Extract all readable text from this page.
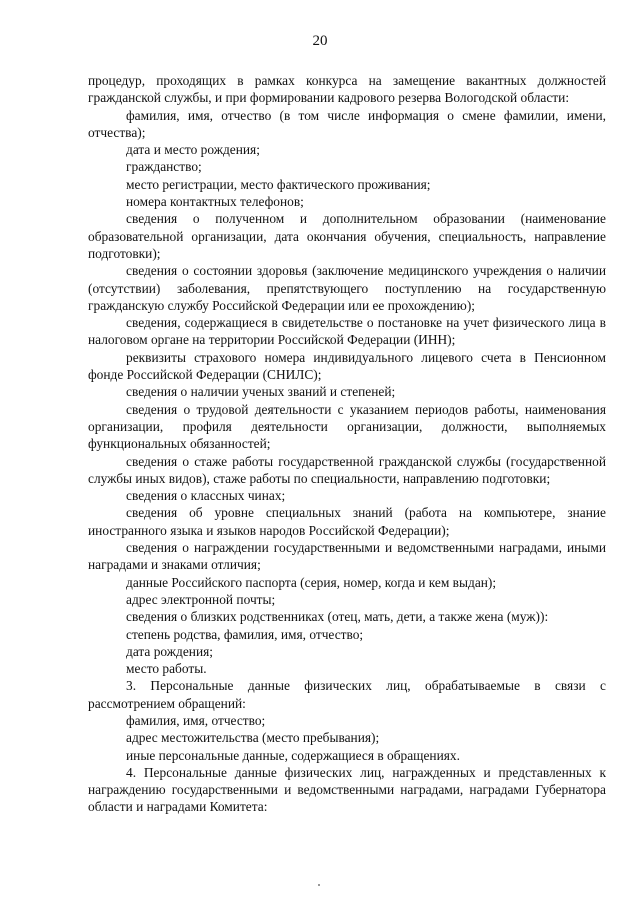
20

процедур, проходящих в рамках конкурса на замещение вакантных должностей гражданской службы, и при формировании кадрового резерва Вологодской области:

фамилия, имя, отчество (в том числе информация о смене фамилии, имени, отчества);

дата и место рождения;

гражданство;

место регистрации, место фактического проживания;

номера контактных телефонов;

сведения о полученном и дополнительном образовании (наименование образовательной организации, дата окончания обучения, специальность, направление подготовки);

сведения о состоянии здоровья (заключение медицинского учреждения о наличии (отсутствии) заболевания, препятствующего поступлению на государственную гражданскую службу Российской Федерации или ее прохождению);

сведения, содержащиеся в свидетельстве о постановке на учет физического лица в налоговом органе на территории Российской Федерации (ИНН);

реквизиты страхового номера индивидуального лицевого счета в Пенсионном фонде Российской Федерации (СНИЛС);

сведения о наличии ученых званий и степеней;

сведения о трудовой деятельности с указанием периодов работы, наименования организации, профиля деятельности организации, должности, выполняемых функциональных обязанностей;

сведения о стаже работы государственной гражданской службы (государственной службы иных видов), стаже работы по специальности, направлению подготовки;

сведения о классных чинах;

сведения об уровне специальных знаний (работа на компьютере, знание иностранного языка и языков народов Российской Федерации);

сведения о награждении государственными и ведомственными наградами, иными наградами и знаками отличия;

данные Российского паспорта (серия, номер, когда и кем выдан);

адрес электронной почты;

сведения о близких родственниках (отец, мать, дети, а также жена (муж)):

степень родства, фамилия, имя, отчество;

дата рождения;

место работы.

3. Персональные данные физических лиц, обрабатываемые в связи с рассмотрением обращений:

фамилия, имя, отчество;

адрес местожительства (место пребывания);

иные персональные данные, содержащиеся в обращениях.

4. Персональные данные физических лиц, награжденных и представленных к награждению государственными и ведомственными наградами, наградами Губернатора области и наградами Комитета:
